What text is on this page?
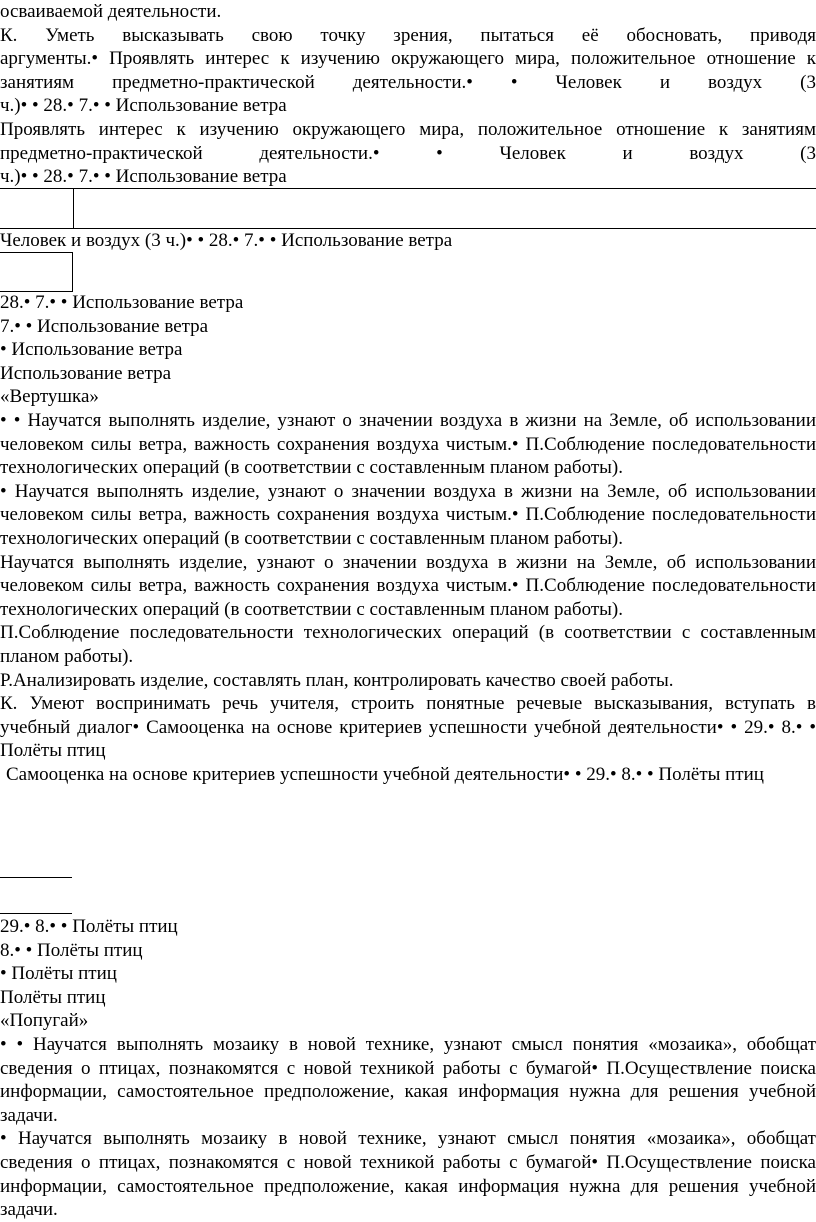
осваиваемой деятельности.

К. Уметь высказывать свою точку зрения, пытаться её обосновать, приводя

аргументы.• Проявлять интерес к изучению окружающего мира, положительное отношение к

занятиям предметно-практической деятельности.• • Человек и воздух (3

ч.)• • 28.• 7.• • Использование ветра

Проявлять интерес к изучению окружающего мира, положительное отношение к занятиям

предметно-практической деятельности.• • Человек и воздух (3

ч.)• • 28.• 7.• • Использование ветра

Человек и воздух (3 ч.)• • 28.• 7.• • Использование ветра

28.• 7.• • Использование ветра

7.• • Использование ветра

• Использование ветра

Использование ветра

«Вертушка»

• • Научатся выполнять изделие, узнают о значении воздуха в жизни на Земле, об использовании человеком силы ветра, важность сохранения воздуха чистым.• П.Соблюдение последовательности технологических операций (в соответствии с составленным планом работы).

• Научатся выполнять изделие, узнают о значении воздуха в жизни на Земле, об использовании человеком силы ветра, важность сохранения воздуха чистым.• П.Соблюдение последовательности технологических операций (в соответствии с составленным планом работы).

Научатся выполнять изделие, узнают о значении воздуха в жизни на Земле, об использовании человеком силы ветра, важность сохранения воздуха чистым.• П.Соблюдение последовательности технологических операций (в соответствии с составленным планом работы).

П.Соблюдение последовательности технологических операций (в соответствии с составленным планом работы).

Р.Анализировать изделие, составлять план, контролировать качество своей работы.

К. Умеют воспринимать речь учителя, строить понятные речевые высказывания, вступать в учебный диалог• Самооценка на основе критериев успешности учебной деятельности• • 29.• 8.• • Полёты птиц

Самооценка на основе критериев успешности учебной деятельности• • 29.• 8.• • Полёты птиц

29.• 8.• • Полёты птиц

8.• • Полёты птиц

• Полёты птиц

Полёты птиц

«Попугай»

• • Научатся выполнять мозаику в новой технике, узнают смысл понятия «мозаика», обобщат сведения о птицах, познакомятся с новой техникой работы с бумагой• П.Осуществление поиска информации, самостоятельное предположение, какая информация нужна для решения учебной задачи.

• Научатся выполнять мозаику в новой технике, узнают смысл понятия «мозаика», обобщат сведения о птицах, познакомятся с новой техникой работы с бумагой• П.Осуществление поиска информации, самостоятельное предположение, какая информация нужна для решения учебной задачи.
